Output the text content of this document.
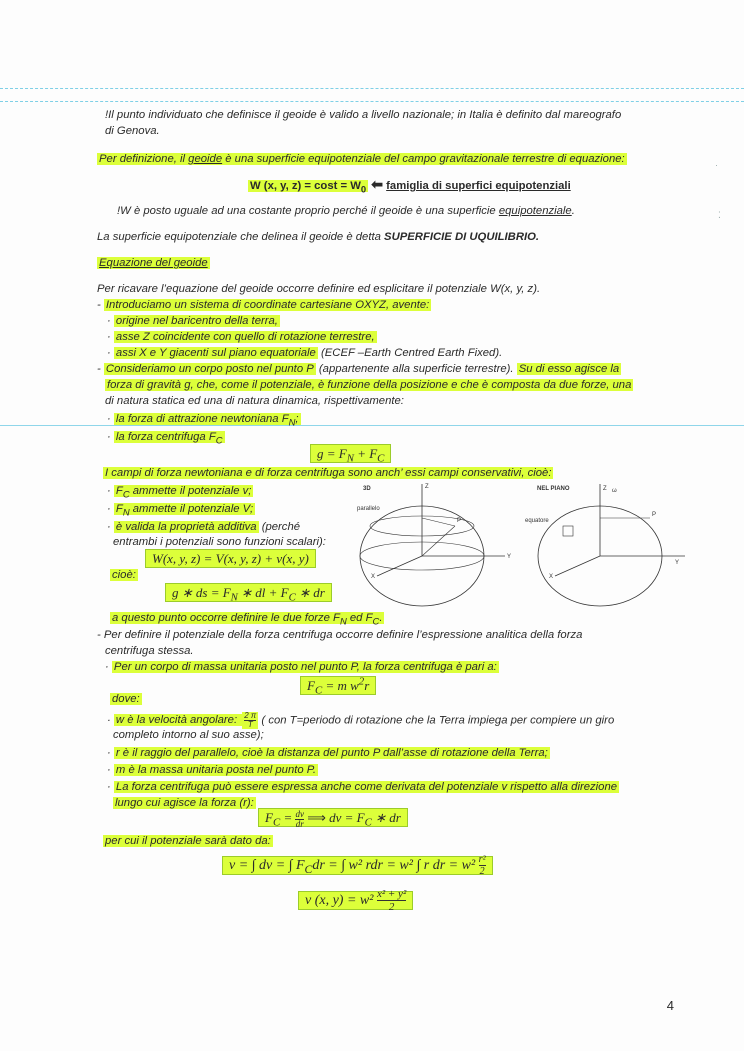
!Il punto individuato che definisce il geoide è valido a livello nazionale; in Italia è definito dal mareografo
di Genova.
Per definizione, il geoide è una superficie equipotenziale del campo gravitazionale terrestre di equazione:
W (x, y, $z) = \cos t = W_0$ ⬅ famiglia di superfici equipotenziali
!W è posto uguale ad una costante proprio perché il geoide è una superficie equipotenziale.
La superficie equipotenziale che delinea il geoide è detta SUPERFICIE DI UQUILIBRIO.
Equazione del geoide
Per ricavare l’equazione del geoide occorre definire ed esplicitare il potenziale W(x, y, z).
- Introduciamo un sistema di coordinate cartesiane OXYZ, avente:
· origine nel baricentro della terra,
· asse Z coincidente con quello di rotazione terrestre,
· assi X e Y giacenti sul piano equatoriale (ECEF –Earth Centred Earth Fixed).
- Consideriamo un corpo posto nel punto P (appartenente alla superficie terrestre). Su di esso agisce la
forza di gravità g, che, come il potenziale, è funzione della posizione e che è composta da due forze, una
di natura statica ed una di natura dinamica, rispettivamente:
· la forza di attrazione newtoniana $F_N$;
· la forza centrifuga $F_C$
$g = F_N + F_C$
I campi di forza newtoniana e di forza centrifuga sono anch’ essi campi conservativi, cioè:
· $F_C$ ammette il potenziale v;
· $F_N$ ammette il potenziale V;
· è valida la proprietà additiva (perché
entrambi i potenziali sono funzioni scalari):
W(x, y, z) = V(x, y, z) + v(x, y)
cioè:
g ∗ ds = $F_N$ ∗ dl + $F_C$ ∗ dr
a questo punto occorre definire le due forze $F_N$ ed $F_C$.
- Per definire il potenziale della forza centrifuga occorre definire l’espressione analitica della forza
centrifuga stessa.
· Per un corpo di massa unitaria posto nel punto P, la forza centrifuga è pari a:
$F_C = m$ $w^2r$
dove:
· w è la velocità angolare: $\frac{2 \pi}{T}$ ( con T=periodo di rotazione che la Terra impiega per compiere un giro
completo intorno al suo asse);
· r è il raggio del parallelo, cioè la distanza del punto P dall’asse di rotazione della Terra;
· m è la massa unitaria posta nel punto P.
· La forza centrifuga può essere espressa anche come derivata del potenziale v rispetto alla direzione
lungo cui agisce la forza (r):
$F_C = \frac{dv}{dr}$ ⟹ dv = $F_C$ ∗ dr
per cui il potenziale sarà dato da:
v = ∫ dv = ∫ $F_Cdr$ = ∫ w² rdr = w² ∫ r dr = $w^2 \frac{\text{r²}}{2}$
v (x, $y) = w^2 \frac{\text{x² + y²}}{2}$
3D	Z
Y
X
P
parallelo
NEL PIANO	Z ω
P
equatore
Y
X
·
⁚
4
